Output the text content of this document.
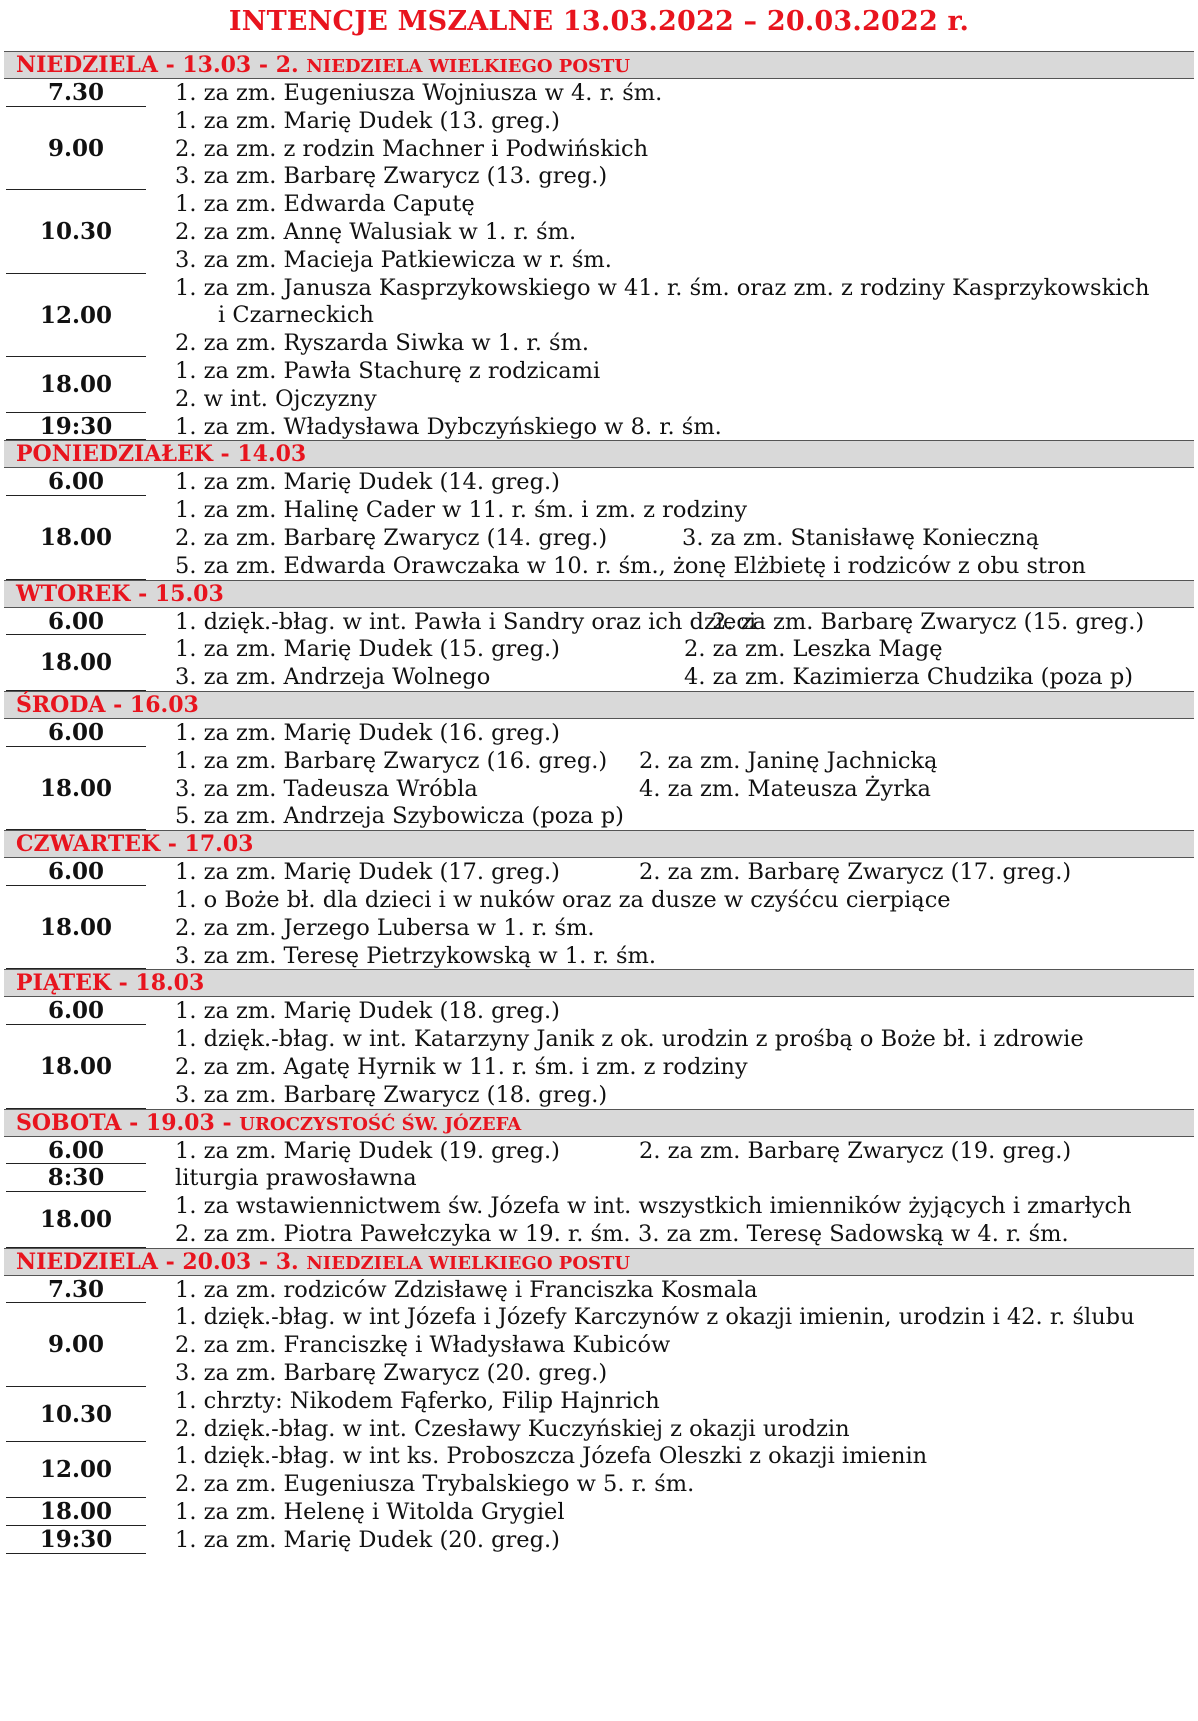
INTENCJE MSZALNE 13.03.2022 – 20.03.2022 r.
NIEDZIELA - 13.03 - 2. NIEDZIELA WIELKIEGO POSTU
7.30	1. za zm. Eugeniusza Wojniusza w 4. r. śm.
9.00
1. za zm. Marię Dudek (13. greg.)
2. za zm. z rodzin Machner i Podwińskich
3. za zm. Barbarę Zwarycz (13. greg.)
10.30
1. za zm. Edwarda Caputę
2. za zm. Annę Walusiak w 1. r. śm.
3. za zm. Macieja Patkiewicza w r. śm.
12.00
1. za zm. Janusza Kasprzykowskiego w 41. r. śm. oraz zm. z rodziny Kasprzykowskich
i Czarneckich
2. za zm. Ryszarda Siwka w 1. r. śm.
18.00	1. za zm. Pawła Stachurę z rodzicami
2. w int. Ojczyzny
19:30	1. za zm. Władysława Dybczyńskiego w 8. r. śm.
PONIEDZIAŁEK - 14.03
6.00	1. za zm. Marię Dudek (14. greg.)
18.00
1. za zm. Halinę Cader w 11. r. śm. i zm. z rodziny
2. za zm. Barbarę Zwarycz (14. greg.)	3. za zm. Stanisławę Konieczną
5. za zm. Edwarda Orawczaka w 10. r. śm., żonę Elżbietę i rodziców z obu stron
WTOREK - 15.03
6.00	1. dzięk.-błag. w int. Pawła i Sandry oraz ich dzieci
2. za zm. Barbarę Zwarycz (15. greg.)
18.00	1. za zm. Marię Dudek (15. greg.)	2. za zm. Leszka Magę
3. za zm. Andrzeja Wolnego	4. za zm. Kazimierza Chudzika (poza p)
ŚRODA - 16.03
6.00	1. za zm. Marię Dudek (16. greg.)
18.00
1. za zm. Barbarę Zwarycz (16. greg.) 2. za zm. Janinę Jachnicką
3. za zm. Tadeusza Wróbla	4. za zm. Mateusza Żyrka
5. za zm. Andrzeja Szybowicza (poza p)
CZWARTEK - 17.03
6.00	1. za zm. Marię Dudek (17. greg.)	2. za zm. Barbarę Zwarycz (17. greg.)
18.00
1. o Boże bł. dla dzieci i w nuków oraz za dusze w czyśćcu cierpiące
2. za zm. Jerzego Lubersa w 1. r. śm.
3. za zm. Teresę Pietrzykowską w 1. r. śm.
PIĄTEK - 18.03
6.00	1. za zm. Marię Dudek (18. greg.)
18.00
1. dzięk.-błag. w int. Katarzyny Janik z ok. urodzin z prośbą o Boże bł. i zdrowie
2. za zm. Agatę Hyrnik w 11. r. śm. i zm. z rodziny
3. za zm. Barbarę Zwarycz (18. greg.)
SOBOTA - 19.03 - UROCZYSTOŚĆ ŚW. JÓZEFA
6.00	1. za zm. Marię Dudek (19. greg.)	2. za zm. Barbarę Zwarycz (19. greg.)
8:30	liturgia prawosławna
18.00	1. za wstawiennictwem św. Józefa w int. wszystkich imienników żyjących i zmarłych
2. za zm. Piotra Pawełczyka w 19. r. śm. 3. za zm. Teresę Sadowską w 4. r. śm.
NIEDZIELA - 20.03 - 3. NIEDZIELA WIELKIEGO POSTU
7.30	1. za zm. rodziców Zdzisławę i Franciszka Kosmala
9.00
1. dzięk.-błag. w int Józefa i Józefy Karczynów z okazji imienin, urodzin i 42. r. ślubu
2. za zm. Franciszkę i Władysława Kubiców
3. za zm. Barbarę Zwarycz (20. greg.)
10.30	1. chrzty: Nikodem Fąferko, Filip Hajnrich
2. dzięk.-błag. w int. Czesławy Kuczyńskiej z okazji urodzin
12.00	1. dzięk.-błag. w int ks. Proboszcza Józefa Oleszki z okazji imienin
2. za zm. Eugeniusza Trybalskiego w 5. r. śm.
18.00	1. za zm. Helenę i Witolda Grygiel
19:30	1. za zm. Marię Dudek (20. greg.)
